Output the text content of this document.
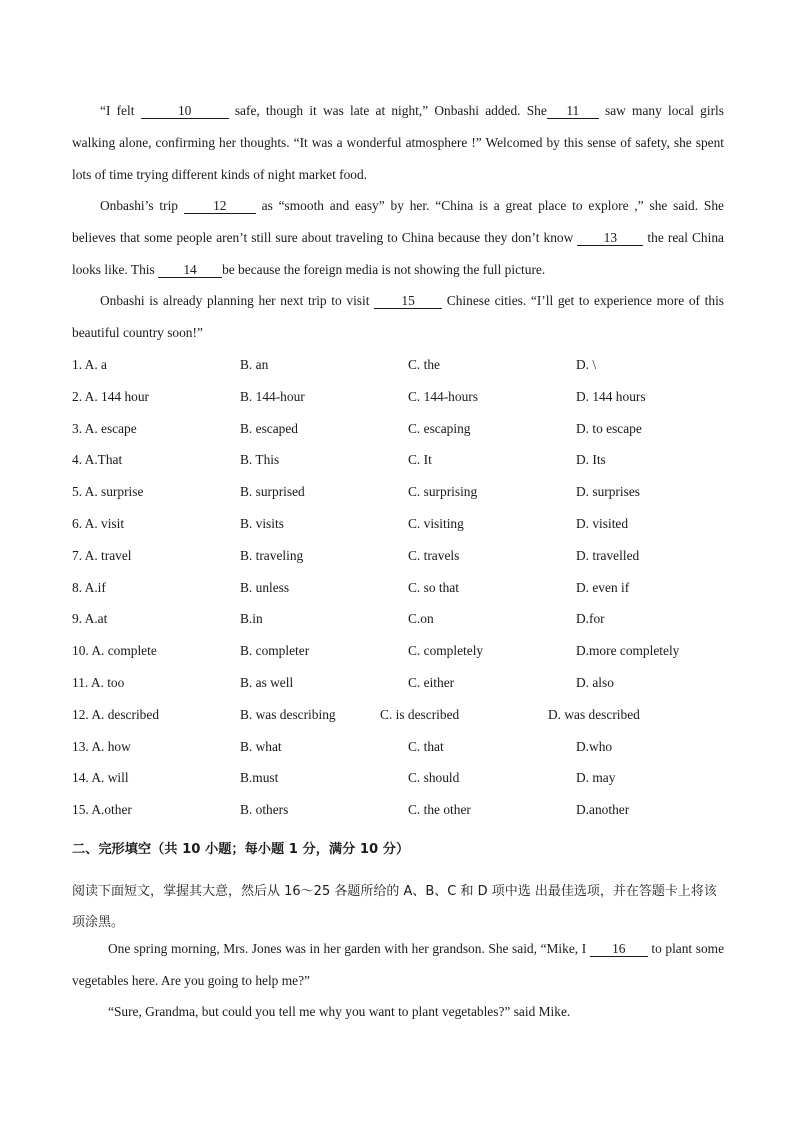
“I felt	10	safe, though it was late at night,” Onbashi added. She 11 saw many local girls walking alone, confirming her thoughts. “It was a wonderful atmosphere !” Welcomed by this sense of safety, she spent lots of time trying different kinds of night market food.

Onbashi’s trip 12 as “smooth and easy” by her. “China is a great place to explore ,” she said. She believes that some people aren’t still sure about traveling to China because they don’t know 13 the real China looks like. This 14 be because the foreign media is not showing the full picture.

Onbashi is already planning her next trip to visit 15 Chinese cities. “I’ll get to experience more of this beautiful country soon!”

1. A. a	B. an	C. the	D. \
2. A. 144 hour	B. 144-hour	C. 144-hours	D. 144 hours
3. A. escape	B. escaped	C. escaping	D. to escape
4. A.That	B. This	C. It	D. Its
5. A. surprise	B. surprised	C. surprising	D. surprises
6. A. visit	B. visits	C. visiting	D. visited
7. A. travel	B. traveling	C. travels	D. travelled
8. A.if	B. unless	C. so that	D. even if
9. A.at	B.in	C.on	D.for
10. A. complete	B. completer	C. completely	D.more completely
11. A. too	B. as well	C. either	D. also
12. A. described	B. was describing	C. is described	D. was described
13. A. how	B. what	C. that	D.who
14. A. will	B.must	C. should	D. may
15. A.other	B. others	C. the other	D.another
二、完形填空（共 10 小题；每小题 1 分，满分 10 分）

阅读下面短文，掌握其大意，然后从 16～25 各题所给的 A、B、C 和 D 项中选 出最佳选项，并在答题卡上将该项涂黑。

One spring morning, Mrs. Jones was in her garden with her grandson. She said, “Mike, I 16 to plant some vegetables here. Are you going to help me?”

“Sure, Grandma, but could you tell me why you want to plant vegetables?” said Mike.
